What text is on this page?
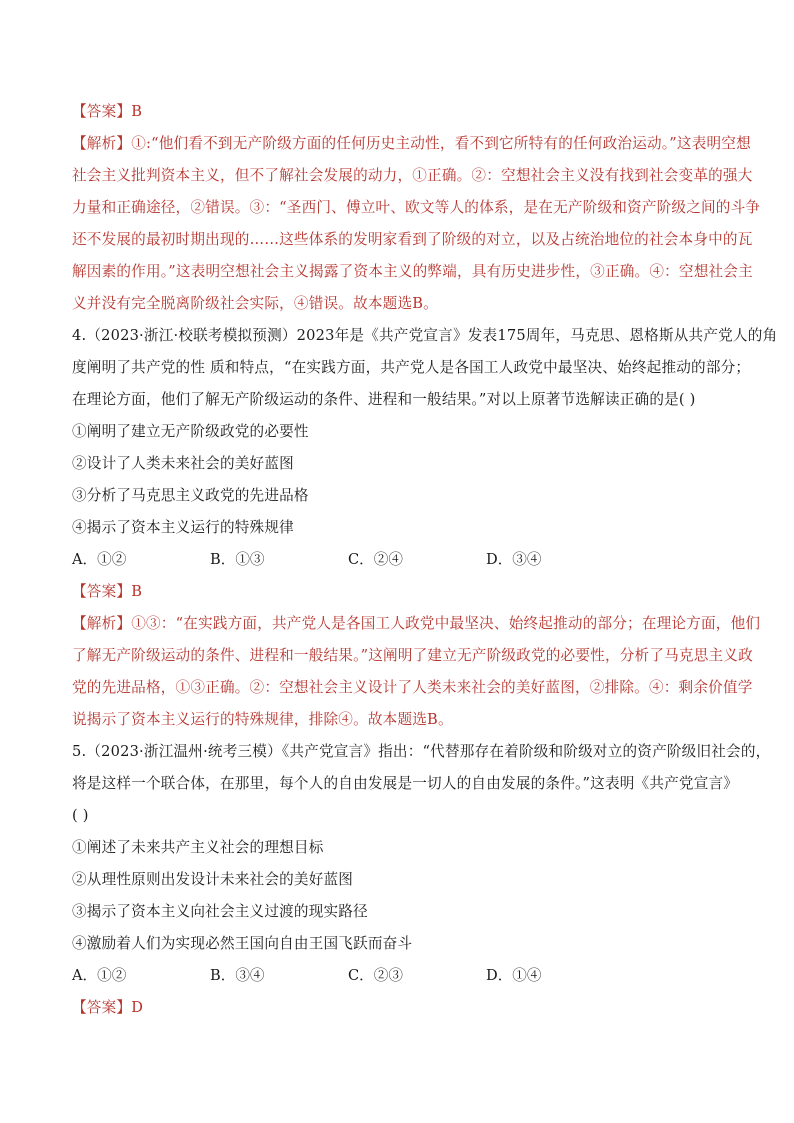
【答案】B
【解析】①:“他们看不到无产阶级方面的任何历史主动性，看不到它所特有的任何政治运动。”这表明空想
社会主义批判资本主义，但不了解社会发展的动力，①正确。②：空想社会主义没有找到社会变革的强大
力量和正确途径，②错误。③：“圣西门、傅立叶、欧文等人的体系，是在无产阶级和资产阶级之间的斗争
还不发展的最初时期出现的……这些体系的发明家看到了阶级的对立，以及占统治地位的社会本身中的瓦
解因素的作用。”这表明空想社会主义揭露了资本主义的弊端，具有历史进步性，③正确。④：空想社会主
义并没有完全脱离阶级社会实际，④错误。故本题选B。
4.（2023·浙江·校联考模拟预测）2023年是《共产党宣言》发表175周年，马克思、恩格斯从共产党人的角
度阐明了共产党的性 质和特点，“在实践方面，共产党人是各国工人政党中最坚决、始终起推动的部分；
在理论方面，他们了解无产阶级运动的条件、进程和一般结果。”对以上原著节选解读正确的是( )
①阐明了建立无产阶级政党的必要性
②设计了人类未来社会的美好蓝图
③分析了马克思主义政党的先进品格
④揭示了资本主义运行的特殊规律
A．①②	B．①③	C．②④	D．③④
【答案】B
【解析】①③：“在实践方面，共产党人是各国工人政党中最坚决、始终起推动的部分；在理论方面，他们
了解无产阶级运动的条件、进程和一般结果。”这阐明了建立无产阶级政党的必要性，分析了马克思主义政
党的先进品格，①③正确。②：空想社会主义设计了人类未来社会的美好蓝图，②排除。④：剩余价值学
说揭示了资本主义运行的特殊规律，排除④。故本题选B。
5.（2023·浙江温州·统考三模）《共产党宣言》指出：“代替那存在着阶级和阶级对立的资产阶级旧社会的，
将是这样一个联合体，在那里，每个人的自由发展是一切人的自由发展的条件。”这表明《共产党宣言》
( )
①阐述了未来共产主义社会的理想目标
②从理性原则出发设计未来社会的美好蓝图
③揭示了资本主义向社会主义过渡的现实路径
④激励着人们为实现必然王国向自由王国飞跃而奋斗
A．①②	B．③④	C．②③	D．①④
【答案】D
